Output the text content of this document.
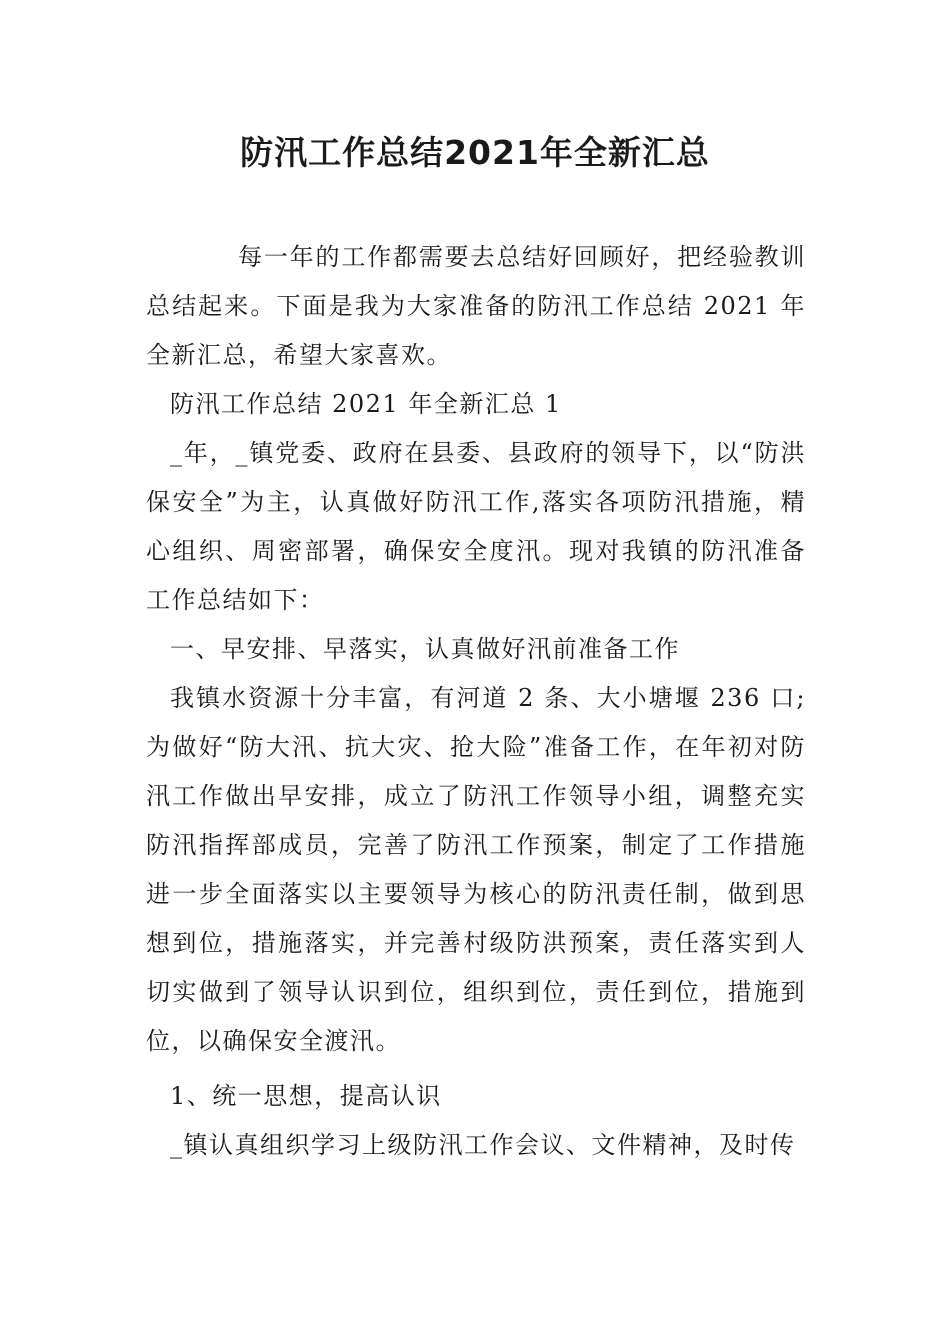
防汛工作总结2021年全新汇总

每一年的工作都需要去总结好回顾好，把经验教训总结起来。下面是我为大家准备的防汛工作总结 2021 年全新汇总，希望大家喜欢。

防汛工作总结 2021 年全新汇总 1

_年，_镇党委、政府在县委、县政府的领导下，以“防洪保安全”为主，认真做好防汛工作,落实各项防汛措施，精心组织、周密部署，确保安全度汛。现对我镇的防汛准备工作总结如下：

一、早安排、早落实，认真做好汛前准备工作

我镇水资源十分丰富，有河道 2 条、大小塘堰 236 口;为做好“防大汛、抗大灾、抢大险”准备工作，在年初对防汛工作做出早安排，成立了防汛工作领导小组，调整充实防汛指挥部成员，完善了防汛工作预案，制定了工作措施进一步全面落实以主要领导为核心的防汛责任制，做到思想到位，措施落实，并完善村级防洪预案，责任落实到人切实做到了领导认识到位，组织到位，责任到位，措施到位，以确保安全渡汛。

1、统一思想，提高认识

_镇认真组织学习上级防汛工作会议、文件精神，及时传
